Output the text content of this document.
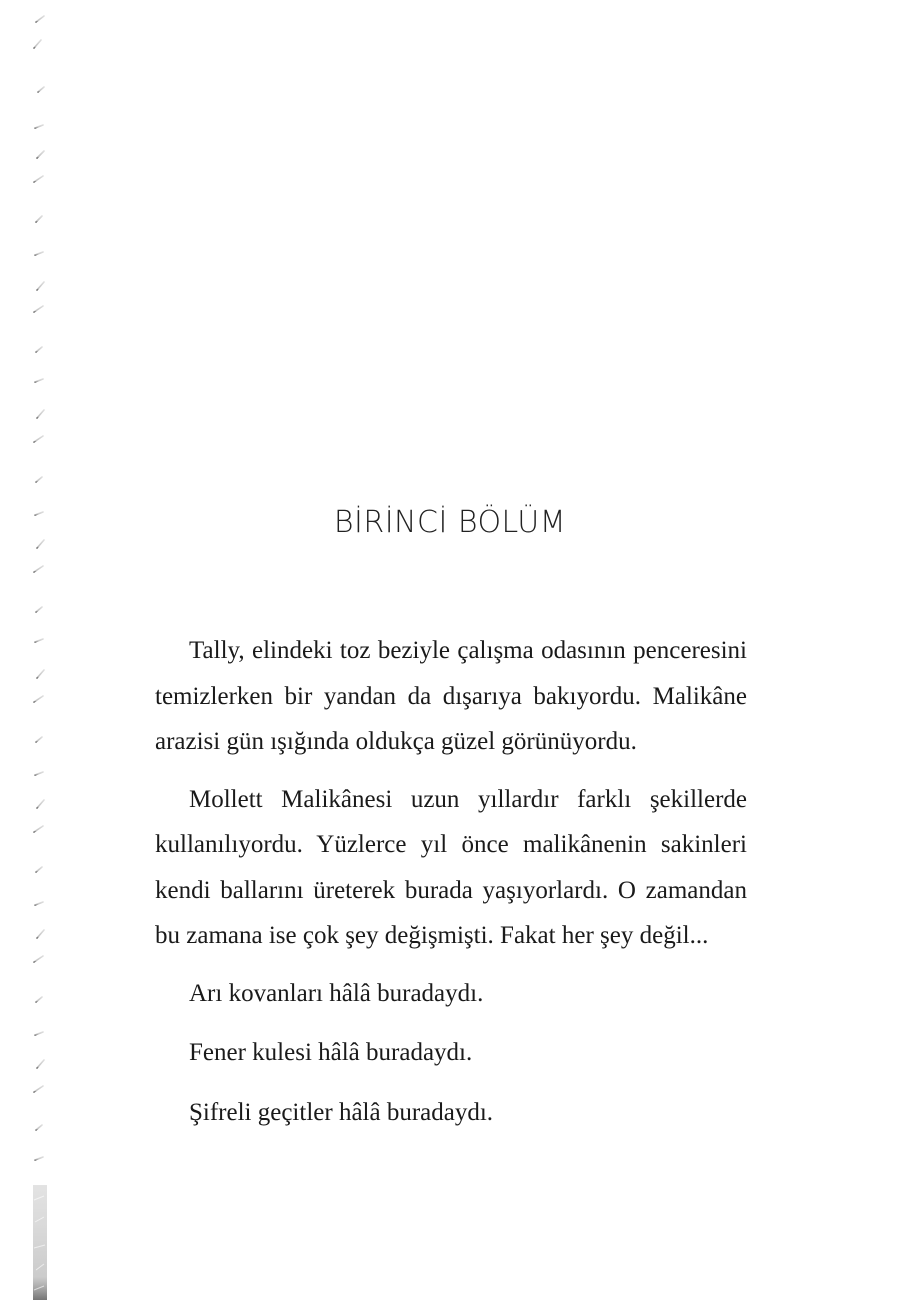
BİRİNCİ BÖLÜM

Tally, elindeki toz beziyle çalışma odasının penceresini temizlerken bir yandan da dışarıya bakıyordu. Malikâne arazisi gün ışığında oldukça güzel görünüyordu.

Mollett Malikânesi uzun yıllardır farklı şekillerde kullanılıyordu. Yüzlerce yıl önce malikânenin sakinleri kendi ballarını üreterek burada yaşıyorlardı. O zamandan bu zamana ise çok şey değişmişti. Fakat her şey değil...

Arı kovanları hâlâ buradaydı.

Fener kulesi hâlâ buradaydı.

Şifreli geçitler hâlâ buradaydı.
